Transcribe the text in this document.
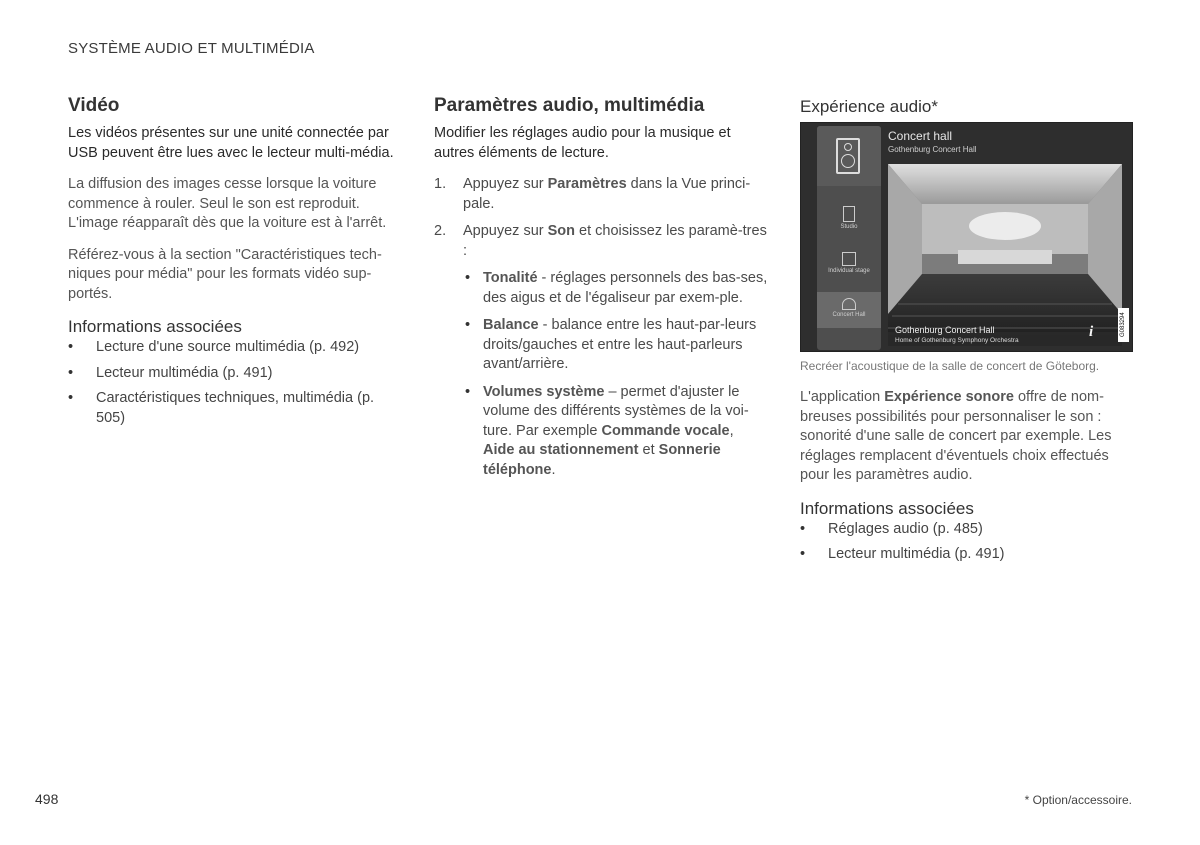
SYSTÈME AUDIO ET MULTIMÉDIA
Vidéo

Les vidéos présentes sur une unité connectée par USB peuvent être lues avec le lecteur multi-média.

La diffusion des images cesse lorsque la voiture commence à rouler. Seul le son est reproduit. L'image réapparaît dès que la voiture est à l'arrêt.

Référez-vous à la section "Caractéristiques tech-niques pour média" pour les formats vidéo sup-portés.

Informations associées
• Lecture d'une source multimédia (p. 492)
• Lecteur multimédia (p. 491)
• Caractéristiques techniques, multimédia (p. 505)
Paramètres audio, multimédia

Modifier les réglages audio pour la musique et autres éléments de lecture.

1. Appuyez sur Paramètres dans la Vue princi-pale.
2. Appuyez sur Son et choisissez les paramè-tres :
• Tonalité - réglages personnels des bas-ses, des aigus et de l'égaliseur par exem-ple.
• Balance - balance entre les haut-par-leurs droits/gauches et entre les haut-parleurs avant/arrière.
• Volumes système – permet d'ajuster le volume des différents systèmes de la voi-ture. Par exemple Commande vocale, Aide au stationnement et Sonnerie téléphone.
Expérience audio*
Studio
Individual stage
Concert Hall
Concert hall
Gothenburg Concert Hall
Gothenburg Concert Hall
Home of Gothenburg Symphony Orchestra
i	G083294

Recréer l'acoustique de la salle de concert de Göteborg.

L'application Expérience sonore offre de nom-breuses possibilités pour personnaliser le son : sonorité d'une salle de concert par exemple. Les réglages remplacent d'éventuels choix effectués pour les paramètres audio.

Informations associées
• Réglages audio (p. 485)
• Lecteur multimédia (p. 491)
498	* Option/accessoire.
